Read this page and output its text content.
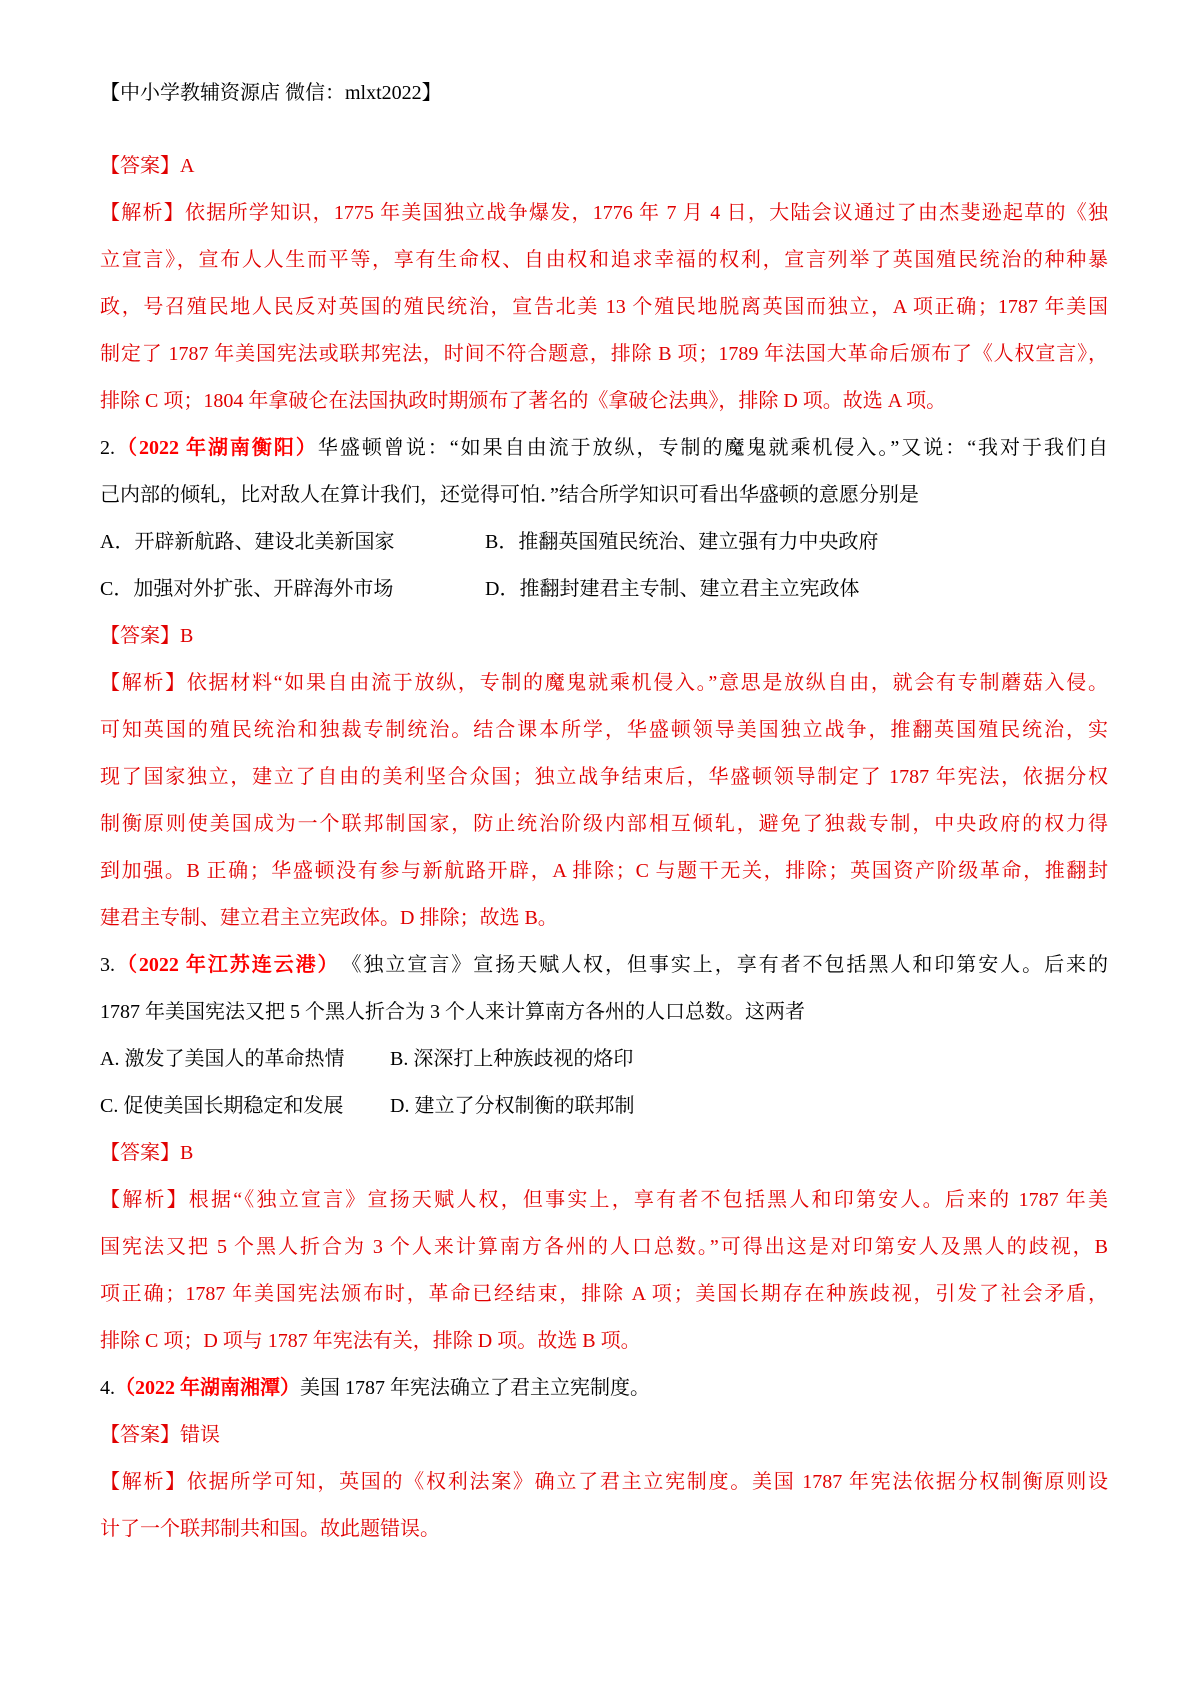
【中小学教辅资源店 微信：mlxt2022】
【答案】A
【解析】依据所学知识，1775 年美国独立战争爆发，1776 年 7 月 4 日，大陆会议通过了由杰斐逊起草的《独
立宣言》，宣布人人生而平等，享有生命权、自由权和追求幸福的权利，宣言列举了英国殖民统治的种种暴
政，号召殖民地人民反对英国的殖民统治，宣告北美 13 个殖民地脱离英国而独立，A 项正确；1787 年美国
制定了 1787 年美国宪法或联邦宪法，时间不符合题意，排除 B 项；1789 年法国大革命后颁布了《人权宣言》，
排除 C 项；1804 年拿破仑在法国执政时期颁布了著名的《拿破仑法典》，排除 D 项。故选 A 项。
2.（2022 年湖南衡阳）华盛顿曾说：“如果自由流于放纵，专制的魔鬼就乘机侵入。”又说：“我对于我们自
己内部的倾轧，比对敌人在算计我们，还觉得可怕．”结合所学知识可看出华盛顿的意愿分别是
A．开辟新航路、建设北美新国家	B．推翻英国殖民统治、建立强有力中央政府
C．加强对外扩张、开辟海外市场	D．推翻封建君主专制、建立君主立宪政体
【答案】B
【解析】依据材料“如果自由流于放纵，专制的魔鬼就乘机侵入。”意思是放纵自由，就会有专制蘑菇入侵。
可知英国的殖民统治和独裁专制统治。结合课本所学，华盛顿领导美国独立战争，推翻英国殖民统治，实
现了国家独立，建立了自由的美利坚合众国；独立战争结束后，华盛顿领导制定了 1787 年宪法，依据分权
制衡原则使美国成为一个联邦制国家，防止统治阶级内部相互倾轧，避免了独裁专制，中央政府的权力得
到加强。B 正确；华盛顿没有参与新航路开辟，A 排除；C 与题干无关，排除；英国资产阶级革命，推翻封
建君主专制、建立君主立宪政体。D 排除；故选 B。
3.（2022 年江苏连云港）　《独立宣言》宣扬天赋人权，但事实上，享有者不包括黑人和印第安人。后来的
1787 年美国宪法又把 5 个黑人折合为 3 个人来计算南方各州的人口总数。这两者
A. 激发了美国人的革命热情 B. 深深打上种族歧视的烙印
C. 促使美国长期稳定和发展 D. 建立了分权制衡的联邦制
【答案】B
【解析】根据“《独立宣言》宣扬天赋人权，但事实上，享有者不包括黑人和印第安人。后来的 1787 年美
国宪法又把 5 个黑人折合为 3 个人来计算南方各州的人口总数。”可得出这是对印第安人及黑人的歧视，B
项正确；1787 年美国宪法颁布时，革命已经结束，排除 A 项；美国长期存在种族歧视，引发了社会矛盾，
排除 C 项；D 项与 1787 年宪法有关，排除 D 项。故选 B 项。
4.（2022 年湖南湘潭）美国 1787 年宪法确立了君主立宪制度。
【答案】错误
【解析】依据所学可知，英国的《权利法案》确立了君主立宪制度。美国 1787 年宪法依据分权制衡原则设
计了一个联邦制共和国。故此题错误。
